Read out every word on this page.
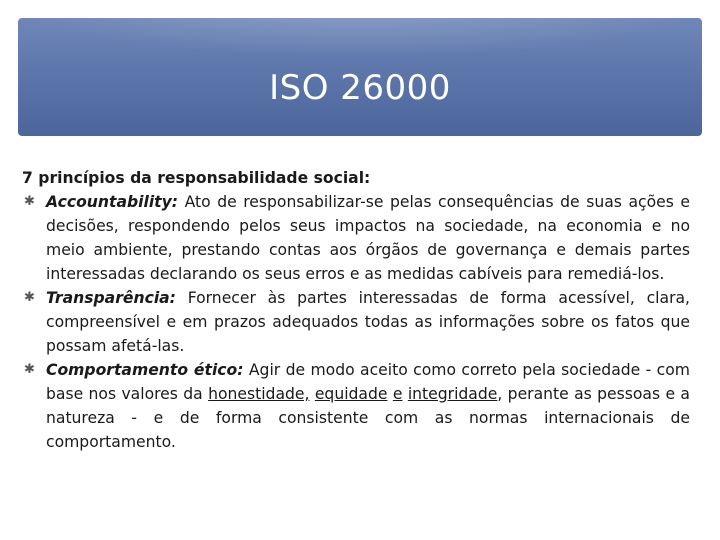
ISO 26000

7 princípios da responsabilidade social:

✱ Accountability: Ato de responsabilizar-se pelas consequências de suas ações e decisões, respondendo pelos seus impactos na sociedade, na economia e no meio ambiente, prestando contas aos órgãos de governança e demais partes interessadas declarando os seus erros e as medidas cabíveis para remediá-los.
✱ Transparência: Fornecer às partes interessadas de forma acessível, clara, compreensível e em prazos adequados todas as informações sobre os fatos que possam afetá-las.
✱ Comportamento ético: Agir de modo aceito como correto pela sociedade - com base nos valores da honestidade, equidade e integridade, perante as pessoas e a natureza - e de forma consistente com as normas internacionais de comportamento.
